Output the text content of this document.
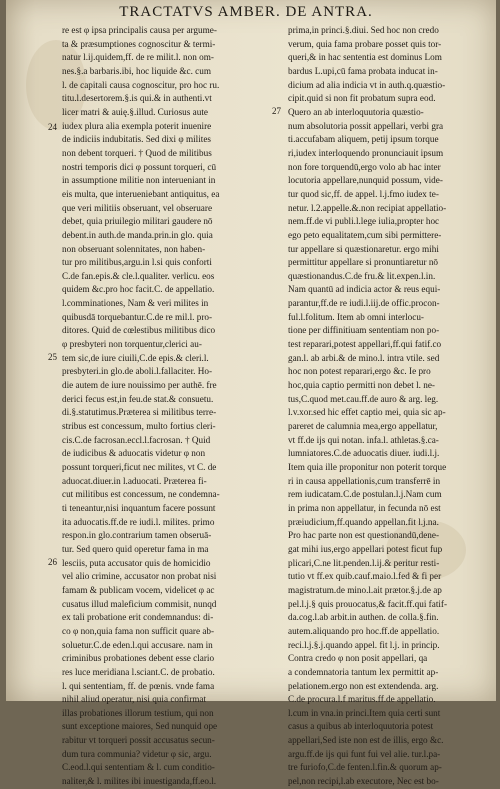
TRACTATVS AMBER. DE ANTRA.
re est φ ipsa principalis causa per argume-
ta & præsumptiones cognoscitur & termi-
natur l.ij.quidem,ff. de re milit.l. non om-
nes.§.a barbaris.ibi, hoc liquide &c. cum
l. de capitali causa cognoscitur, pro hoc ru.
titu.l.desertorem.§.is qui.& in authenti.vt
licer matri & auię.§.illud. Curiosus aute
iudex plura alia exempla poterit inuenire
de indiciis indubitatis. Sed dixi φ milites
non debent torqueri. † Quod de militibus
nostri temporis dici φ possunt torqueri, cū
in assumptione militie non interueniant in
eis multa, que interueniebant antiquitus, ea
que veri militiis obseruant, vel obseruare
debet, quia priuilegio militari gaudere nō
debent.in auth.de manda.prin.in glo. quia
non obseruant solennitates, non haben-
tur pro militibus,argu.in l.si quis conforti
C.de fan.epis.& cle.l.qualiter. verlicu. eos
quidem &c.pro hoc facit.C. de appellatio.
l.comminationes, Nam & veri milites in
quibusdā torquebantur.C.de re mil.l. pro-
ditores. Quid de cœlestibus militibus dico
φ presbyteri non torquentur,clerici au-
tem sic,de iure ciuili,C.de epis.& cleri.l.
presbyteri.in glo.de aboli.l.fallaciter. Ho-
die autem de iure nouissimo per authē. fre
derici fecus est,in feu.de stat.& consuetu.
di.§.statutimus.Præterea si militibus terre-
stribus est concessum, multo fortius cleri-
cis.C.de facrosan.eccl.l.facrosan. † Quid
de iudicibus & aduocatis videtur φ non
possunt torqueri,ficut nec milites, vt C. de
aduocat.diuer.in l.aduocati. Præterea fi-
cut militibus est concessum, ne condemna-
ti teneantur,nisi inquantum facere possunt
ita aduocatis.ff.de re iudi.l. milites. primo
respon.in glo.contrarium tamen obseruā-
tur. Sed quero quid operetur fama in ma
lesciis, puta accusator quis de homicidio
vel alio crimine, accusator non probat nisi
famam & publicam vocem, videlicet φ ac
cusatus illud maleficium commisit, nunqd
ex tali probatione erit condemnandus: di-
co φ non,quia fama non sufficit quare ab-
soluetur.C.de eden.l.qui accusare. nam in
criminibus probationes debent esse clario
res luce meridiana l.sciant.C. de probatio.
l. qui sententiam, ff. de pœnis. vnde fama
nihil aliud operatur, nisi quia confirmat
illas probationes illorum testium, qui non
sunt exceptione maiores, Sed nunquid ope
rabitur vt torqueri possit accusatus secun-
dum tura communia? videtur φ sic, argu.
C.eod.l.qui sententiam & l. cum conditio-
naliter,& l. milites ibi inuestiganda,ff.eo.l.
prima,in princi.§.diui. Sed hoc non credo
verum, quia fama probare posset quis tor-
queri,& in hac sententia est dominus Lom
bardus L.upi,cū fama probata inducat in-
dicium ad alia indicia vt in auth.q.quæstio-
cipit.quid si non fit probatum supra eod.
Quero an ab interloquutoria quæstio-
num absolutoria possit appellari, verbi gra
ti.accufabam aliquem, petij ipsum torque
ri,iudex interloquendo pronunciauit ipsum
non fore torquendū,ergo volo ab hac inter
locutoria appellare,nunquid possum, vide-
tur quod sic,ff. de appel. l.j.fmo iudex te-
netur. l.2.appelle.&.non recipiat appellatio-
nem.ff.de vi publi.l.lege iulia,propter hoc
ego peto equalitatem,cum sibi permittere-
tur appellare si quæstionaretur. ergo mihi
permittitur appellare si pronuntiaretur nō
quæstionandus.C.de fru.& lit.expen.l.in.
Nam quantū ad indicia actor & reus equi-
parantur,ff.de re iudi.l.iij.de offic.procon-
ful.l.folitum. Item ab omni interlocu-
tione per diffinitiuam sententiam non po-
test reparari,potest appellari,ff.qui fatif.co
gan.l. ab arbi.& de mino.l. intra vtile. sed
hoc non potest reparari,ergo &c. Ie pro
hoc,quia captio permitti non debet l. ne-
tus,C.quod met.cau.ff.de auro & arg. leg.
l.v.xor.sed hic effet captio mei, quia sic ap-
pareret de calumnia mea,ergo appellatur,
vt ff.de ijs qui notan. infa.l. athletas.§.ca-
lumniatores.C.de aduocatis diuer. iudi.l.j.
Item quia ille proponitur non poterit torque
ri in causa appellationis,cum transferrē in
rem iudicatam.C.de postulan.l.j.Nam cum
in prima non appellatur, in fecunda nō est
præiudicium,ff.quando appellan.fit l.j.na.
Pro hac parte non est questionandū,dene-
gat mihi ius,ergo appellari potest ficut fup
plicari,C.ne lit.penden.l.ij.& peritur resti-
tutio vt ff.ex quib.cauf.maio.l.fed & fi per
magistratum.de mino.l.ait prætor.§.j.de ap
pel.l.j.§ quis prouocatus,& facit.ff.qui fatif-
da.cog.l.ab arbit.in authen. de colla.§.fin.
autem.aliquando pro hoc.ff.de appellatio.
reci.l.j.§.j.quando appel. fit l.j. in princip.
Contra credo φ non posit appellari, qa
a condemnatoria tantum lex permittit ap-
pelationem.ergo non est extendenda. arg.
C.de procura.l.f maritus.ff.de appellatio.
l.cum in vna.in princi.Item quia certi sunt
casus a quibus ab interloquutoria potest
appellari,Sed iste non est de illis, ergo &c.
argu.ff.de ijs qui funt fui vel alie. tur.l.pa-
tre furiofo,C.de fenten.l.fin.& quorum ap-
pel,non recipi,l.ab executore, Nec est bo-
24
25
26
27
